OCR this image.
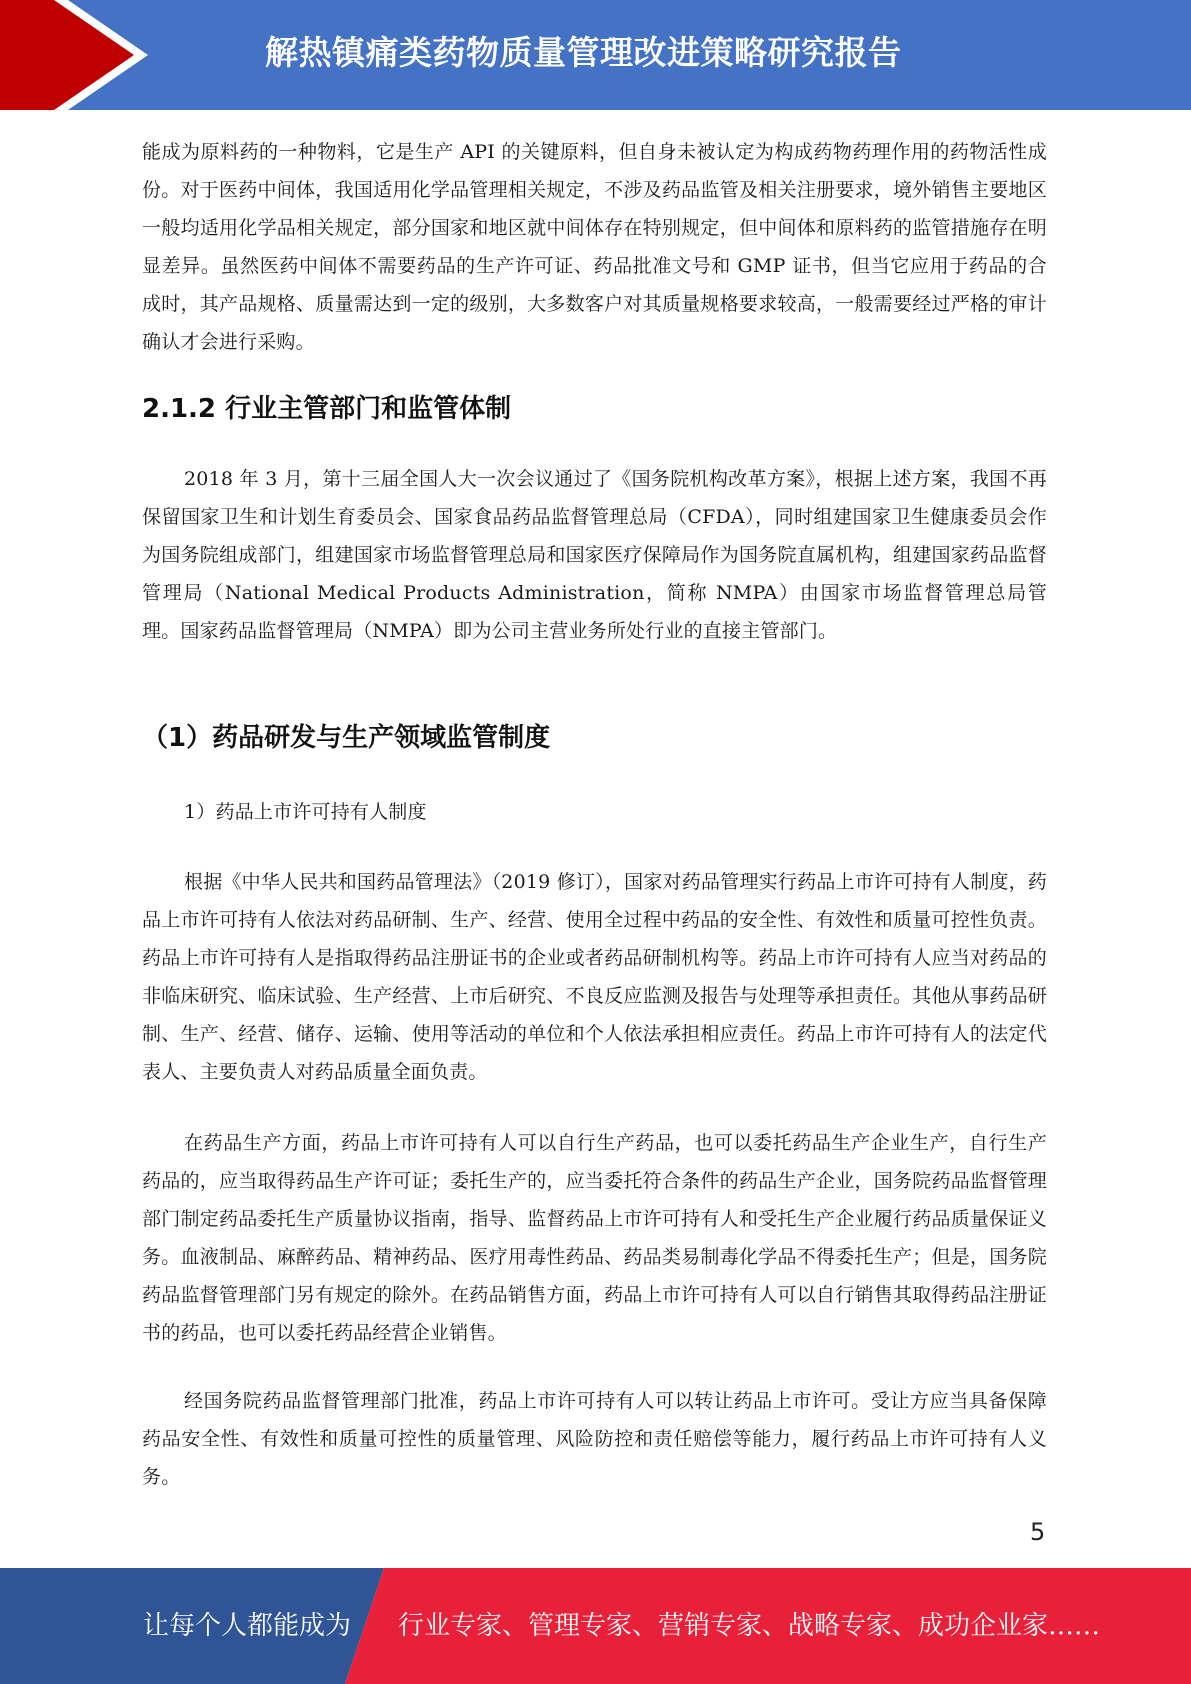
解热镇痛类药物质量管理改进策略研究报告

能成为原料药的一种物料，它是生产 API 的关键原料，但自身未被认定为构成药物药理作用的药物活性成份。对于医药中间体，我国适用化学品管理相关规定，不涉及药品监管及相关注册要求，境外销售主要地区一般均适用化学品相关规定，部分国家和地区就中间体存在特别规定，但中间体和原料药的监管措施存在明显差异。虽然医药中间体不需要药品的生产许可证、药品批准文号和 GMP 证书，但当它应用于药品的合成时，其产品规格、质量需达到一定的级别，大多数客户对其质量规格要求较高，一般需要经过严格的审计确认才会进行采购。

2.1.2 行业主管部门和监管体制

2018 年 3 月，第十三届全国人大一次会议通过了《国务院机构改革方案》，根据上述方案，我国不再保留国家卫生和计划生育委员会、国家食品药品监督管理总局（CFDA），同时组建国家卫生健康委员会作为国务院组成部门，组建国家市场监督管理总局和国家医疗保障局作为国务院直属机构，组建国家药品监督管理局（National Medical Products Administration，简称 NMPA）由国家市场监督管理总局管理。国家药品监督管理局（NMPA）即为公司主营业务所处行业的直接主管部门。

（1）药品研发与生产领域监管制度

1）药品上市许可持有人制度

根据《中华人民共和国药品管理法》（2019 修订），国家对药品管理实行药品上市许可持有人制度，药品上市许可持有人依法对药品研制、生产、经营、使用全过程中药品的安全性、有效性和质量可控性负责。药品上市许可持有人是指取得药品注册证书的企业或者药品研制机构等。药品上市许可持有人应当对药品的非临床研究、临床试验、生产经营、上市后研究、不良反应监测及报告与处理等承担责任。其他从事药品研制、生产、经营、储存、运输、使用等活动的单位和个人依法承担相应责任。药品上市许可持有人的法定代表人、主要负责人对药品质量全面负责。

在药品生产方面，药品上市许可持有人可以自行生产药品，也可以委托药品生产企业生产，自行生产药品的，应当取得药品生产许可证；委托生产的，应当委托符合条件的药品生产企业，国务院药品监督管理部门制定药品委托生产质量协议指南，指导、监督药品上市许可持有人和受托生产企业履行药品质量保证义务。血液制品、麻醉药品、精神药品、医疗用毒性药品、药品类易制毒化学品不得委托生产；但是，国务院药品监督管理部门另有规定的除外。在药品销售方面，药品上市许可持有人可以自行销售其取得药品注册证书的药品，也可以委托药品经营企业销售。

经国务院药品监督管理部门批准，药品上市许可持有人可以转让药品上市许可。受让方应当具备保障药品安全性、有效性和质量可控性的质量管理、风险防控和责任赔偿等能力，履行药品上市许可持有人义务。

5
让每个人都能成为 行业专家、管理专家、营销专家、战略专家、成功企业家……
